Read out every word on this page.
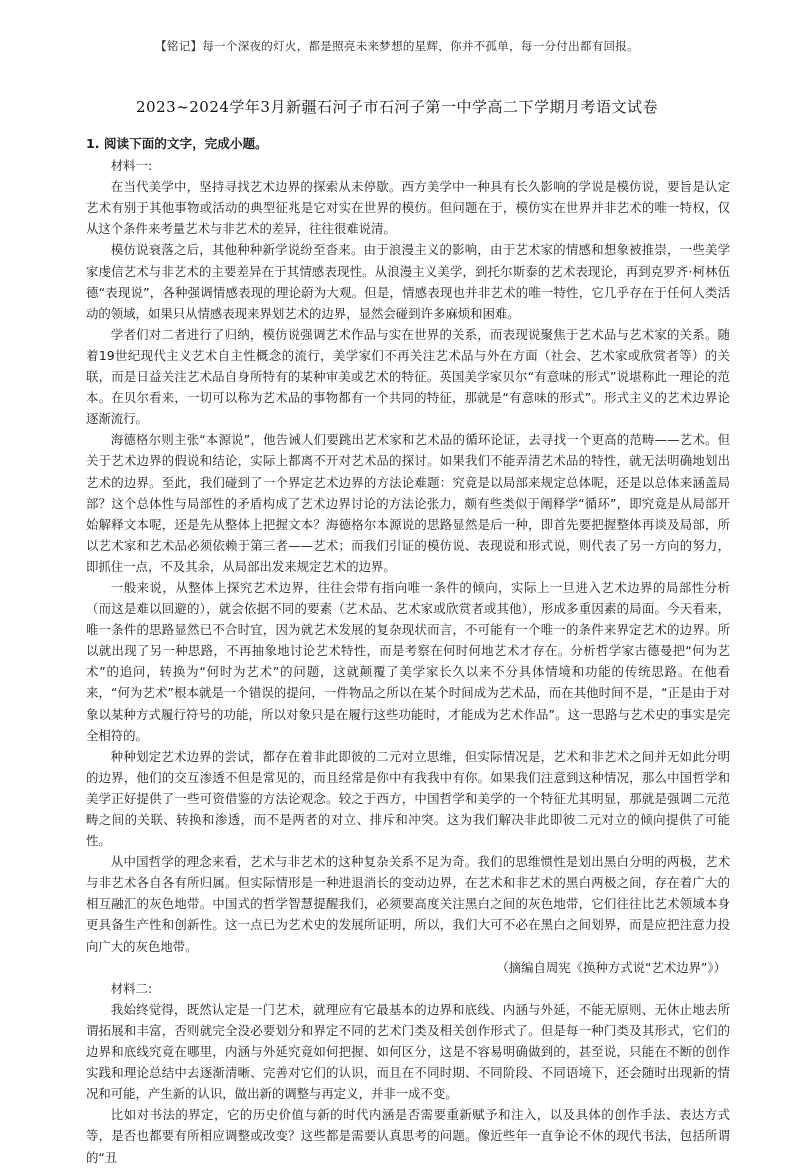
【铭记】每一个深夜的灯火，都是照亮未来梦想的星辉，你并不孤单，每一分付出都有回报。
2023~2024学年3月新疆石河子市石河子第一中学高二下学期月考语文试卷

1. 阅读下面的文字，完成小题。

材料一:

在当代美学中，坚持寻找艺术边界的探索从未停歇。西方美学中一种具有长久影响的学说是模仿说，要旨是认定艺术有别于其他事物或活动的典型征兆是它对实在世界的模仿。但问题在于，模仿实在世界并非艺术的唯一特权，仅从这个条件来考量艺术与非艺术的差异，往往很难说清。

模仿说衰落之后，其他种种新学说纷至沓来。由于浪漫主义的影响，由于艺术家的情感和想象被推崇，一些美学家虔信艺术与非艺术的主要差异在于其情感表现性。从浪漫主义美学，到托尔斯泰的艺术表现论，再到克罗齐·柯林伍德“表现说”，各种强调情感表现的理论蔚为大观。但是，情感表现也并非艺术的唯一特性，它几乎存在于任何人类活动的领域，如果只从情感表现来界划艺术的边界，显然会碰到许多麻烦和困难。

学者们对二者进行了归纳，模仿说强调艺术作品与实在世界的关系，而表现说聚焦于艺术品与艺术家的关系。随着19世纪现代主义艺术自主性概念的流行，美学家们不再关注艺术品与外在方面（社会、艺术家或欣赏者等）的关联，而是日益关注艺术品自身所特有的某种审美或艺术的特征。英国美学家贝尔“有意味的形式”说堪称此一理论的范本。在贝尔看来，一切可以称为艺术品的事物都有一个共同的特征，那就是“有意味的形式”。形式主义的艺术边界论逐渐流行。

海德格尔则主张“本源说”，他告诫人们要跳出艺术家和艺术品的循环论证，去寻找一个更高的范畴——艺术。但关于艺术边界的假说和结论，实际上都离不开对艺术品的探讨。如果我们不能弄清艺术品的特性，就无法明确地划出艺术的边界。至此，我们碰到了一个界定艺术边界的方法论难题：究竟是以局部来规定总体呢，还是以总体来涵盖局部？这个总体性与局部性的矛盾构成了艺术边界讨论的方法论张力，颇有些类似于阐释学“循环”，即究竟是从局部开始解释文本呢，还是先从整体上把握文本？海德格尔本源说的思路显然是后一种，即首先要把握整体再谈及局部，所以艺术家和艺术品必须依赖于第三者——艺术；而我们引证的模仿说、表现说和形式说，则代表了另一方向的努力，即抓住一点，不及其余，从局部出发来规定艺术的边界。

一般来说，从整体上探究艺术边界，往往会带有指向唯一条件的倾向，实际上一旦进入艺术边界的局部性分析（而这是难以回避的），就会依据不同的要素（艺术品、艺术家或欣赏者或其他），形成多重因素的局面。今天看来，唯一条件的思路显然已不合时宜，因为就艺术发展的复杂现状而言，不可能有一个唯一的条件来界定艺术的边界。所以就出现了另一种思路，不再抽象地讨论艺术特性，而是考察在何时何地艺术才存在。分析哲学家古德曼把“何为艺术”的追问，转换为“何时为艺术”的问题，这就颠覆了美学家长久以来不分具体情境和功能的传统思路。在他看来，“何为艺术”根本就是一个错误的提问，一件物品之所以在某个时间成为艺术品，而在其他时间不是，“正是由于对象以某种方式履行符号的功能，所以对象只是在履行这些功能时，才能成为艺术作品”。这一思路与艺术史的事实是完全相符的。

种种划定艺术边界的尝试，都存在着非此即彼的二元对立思维，但实际情况是，艺术和非艺术之间并无如此分明的边界，他们的交互渗透不但是常见的，而且经常是你中有我我中有你。如果我们注意到这种情况，那么中国哲学和美学正好提供了一些可资借鉴的方法论观念。较之于西方，中国哲学和美学的一个特征尤其明显，那就是强调二元范畴之间的关联、转换和渗透，而不是两者的对立、排斥和冲突。这为我们解决非此即彼二元对立的倾向提供了可能性。

从中国哲学的理念来看，艺术与非艺术的这种复杂关系不足为奇。我们的思维惯性是划出黑白分明的两极，艺术与非艺术各自各有所归属。但实际情形是一种进退消长的变动边界，在艺术和非艺术的黑白两极之间，存在着广大的相互融汇的灰色地带。中国式的哲学智慧提醒我们，必须要高度关注黑白之间的灰色地带，它们往往比艺术领域本身更具备生产性和创新性。这一点已为艺术史的发展所证明，所以，我们大可不必在黑白之间划界，而是应把注意力投向广大的灰色地带。

（摘编自周宪《换种方式说“艺术边界”》）

材料二:

我始终觉得，既然认定是一门艺术，就理应有它最基本的边界和底线、内涵与外延，不能无原则、无休止地去所谓拓展和丰富，否则就完全没必要划分和界定不同的艺术门类及相关创作形式了。但是每一种门类及其形式，它们的边界和底线究竟在哪里，内涵与外延究竟如何把握、如何区分，这是不容易明确做到的，甚至说，只能在不断的创作实践和理论总结中去逐渐清晰、完善对它们的认识，而且在不同时期、不同阶段、不同语境下，还会随时出现新的情况和可能，产生新的认识，做出新的调整与再定义，并非一成不变。

比如对书法的界定，它的历史价值与新的时代内涵是否需要重新赋予和注入，以及具体的创作手法、表达方式等，是否也都要有所相应调整或改变？这些都是需要认真思考的问题。像近些年一直争论不休的现代书法，包括所谓的“丑
